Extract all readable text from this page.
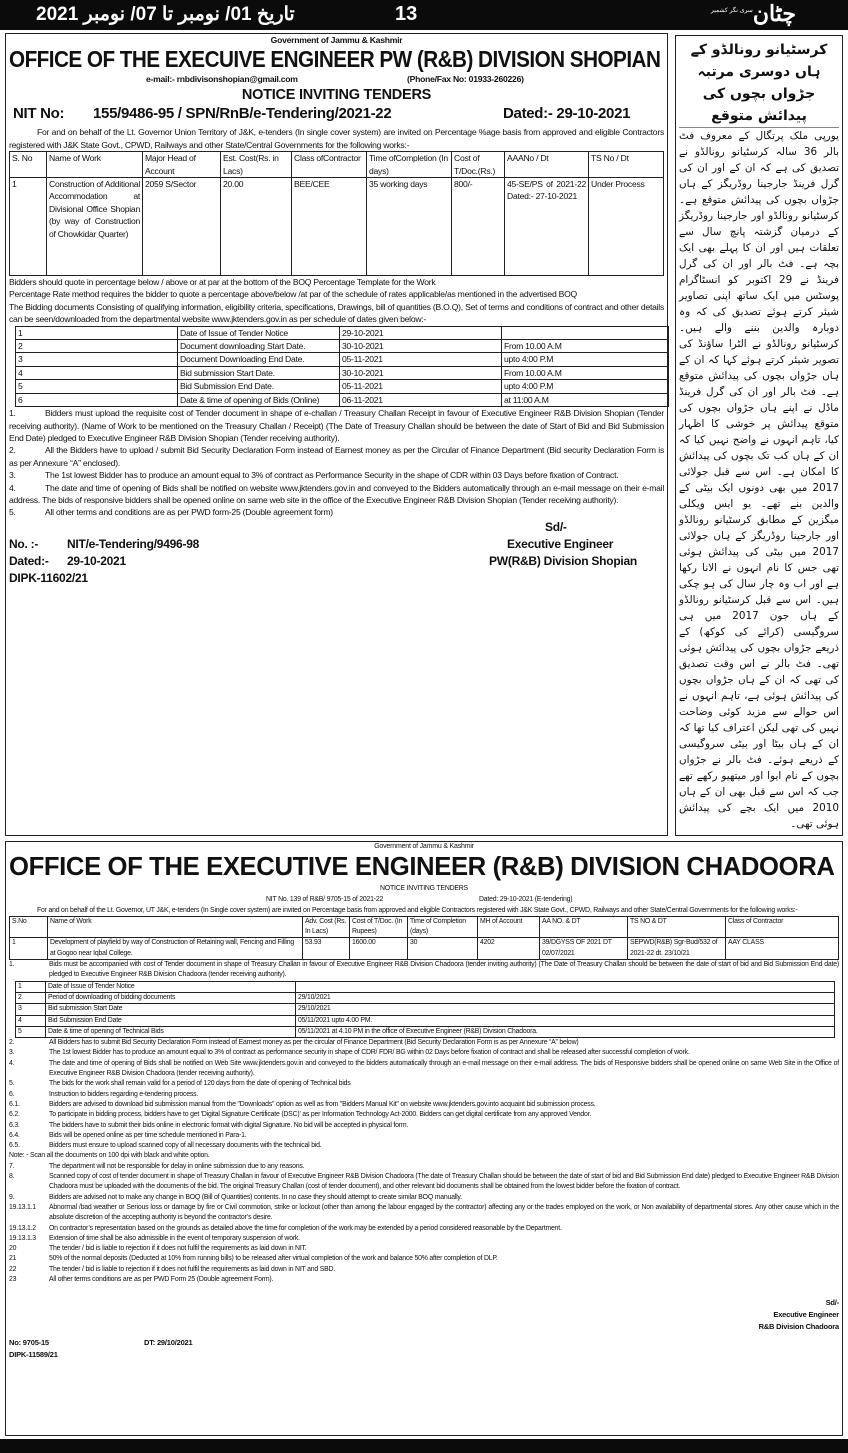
تاریخ 01/ نومبر تا 07/ نومبر 2021	13	سری نگر کشمیر چٹان
Government of Jammu & Kashmir
OFFICE OF THE EXECUIVE ENGINEER PW (R&B) DIVISION SHOPIAN
e-mail:- rnbdivisonshopian@gmail.com	(Phone/Fax No: 01933-260226)
NOTICE INVITING TENDERS
NIT No: 155/9486-95 / SPN/RnB/e-Tendering/2021-22	Dated:- 29-10-2021
For and on behalf of the Lt. Governor Union Territory of J&K, e-tenders (In single cover system) are invited on Percentage %age basis from approved and eligible Contractors registered with J&K State Govt., CPWD, Railways and other State/Central Governments for the following works:-
S. No	Name of Work	Major Head of Account	Est. Cost(Rs. in Lacs)	Class ofContractor	Time ofCompletion (In days)	Cost of T/Doc.(Rs.)	AAANo / Dt	TS No / Dt
1	Construction of Additional Accommodation at Divisional Office Shopian (by way of Construction of Chowkidar Quarter)	2059 S/Sector	20.00	BEE/CEE	35 working days	800/-	45-SE/PS of 2021-22 Dated:- 27-10-2021	Under Process
Bidders should quote in percentage below / above or at par at the bottom of the BOQ Percentage Template for the Work
Percentage Rate method requires the bidder to quote a percentage above/below /at par of the schedule of rates applicable/as mentioned in the advertised BOQ
The Bidding documents Consisting of qualifying information, eligibility criteria, specifications, Drawings, bill of quantities (B.O.Q), Set of terms and conditions of contract and other details can be seen/downloaded from the departmental website www.jktenders.gov.in as per schedule of dates given below:-
1	Date of Issue of Tender Notice	29-10-2021	
2	Document downloading Start Date.	30-10-2021	From 10.00 A.M
3	Document Downloading End Date.	05-11-2021	upto 4:00 P.M
4	Bid submission Start Date.	30-10-2021	From 10.00 A.M
5	Bid Submission End Date.	05-11-2021	upto 4:00 P.M
6	Date & time of opening of Bids (Online)	06-11-2021	at 11:00 A.M
1.	Bidders must upload the requisite cost of Tender document in shape of e-challan / Treasury Challan Receipt in favour of Executive Engineer R&B Division Shopian (Tender receiving authority). (Name of Work to be mentioned on the Treasury Challan / Receipt) (The Date of Treasury Challan should be between the date of Start of Bid and Bid Submission End Date) pledged to Executive Engineer R&B Division Shopian (Tender receiving authority).
2.	All the Bidders have to upload / submit Bid Security Declaration Form instead of Earnest money as per the Circular of Finance Department (Bid security Declaration Form is as per Annexure “A” enclosed).
3.	The 1st lowest Bidder has to produce an amount equal to 3% of contract as Performance Security in the shape of CDR within 03 Days before fixation of Contract.
4.	The date and time of opening of Bids shall be notified on website www.jktenders.gov.in and conveyed to the Bidders automatically through an e-mail message on their e-mail address. The bids of responsive bidders shall be opened online on same web site in the office of the Executive Engineer R&B Division Shopian (Tender receiving authority).
5.	All other terms and conditions are as per PWD form-25 (Double agreement form)
Sd/-
Executive Engineer
PW(R&B) Division Shopian
No. :- NIT/e-Tendering/9496-98
Dated:- 29-10-2021
DIPK-11602/21
کرسٹیانو رونالڈو کے ہاں دوسری مرتبہ جڑواں بچوں کی پیدائش متوقع
یورپی ملک پرتگال کے معروف فٹ بالر 36 سالہ کرسٹیانو رونالڈو نے تصدیق کی ہے کہ ان کے اور ان کی گرل فرینڈ جارجینا روڈریگز کے ہاں جڑواں بچوں کی پیدائش متوقع ہے۔ کرسٹیانو رونالڈو اور جارجینا روڈریگز کے درمیان گزشتہ پانچ سال سے تعلقات ہیں اور ان کا پہلے بھی ایک بچہ ہے۔ فٹ بالر اور ان کی گرل فرینڈ نے 29 اکتوبر کو انسٹاگرام پوسٹس میں ایک ساتھ اپنی تصاویر شیئر کرتے ہوئے تصدیق کی کہ وہ دوبارہ والدین بننے والے ہیں۔ کرسٹیانو رونالڈو نے الٹرا ساؤنڈ کی تصویر شیئر کرتے ہوئے کہا کہ ان کے ہاں جڑواں بچوں کی پیدائش متوقع ہے۔ فٹ بالر اور ان کی گرل فرینڈ ماڈل نے اپنے ہاں جڑواں بچوں کی متوقع پیدائش پر خوشی کا اظہار کیا، تاہم انہوں نے واضح نہیں کیا کہ ان کے ہاں کب تک بچوں کی پیدائش کا امکان ہے۔ اس سے قبل جولائی 2017 میں بھی دونوں ایک بیٹی کے والدین بنے تھے۔ یو ایس ویکلی میگزین کے مطابق کرسٹیانو رونالڈو اور جارجینا روڈریگز کے ہاں جولائی 2017 میں بیٹی کی پیدائش ہوئی تھی جس کا نام انہوں نے الانا رکھا ہے اور اب وہ چار سال کی ہو چکی ہیں۔ اس سے قبل کرسٹیانو رونالڈو کے ہاں جون 2017 میں ہی سروگیسی (کرائے کی کوکھ) کے ذریعے جڑواں بچوں کی پیدائش ہوئی تھی۔ فٹ بالر نے اس وقت تصدیق کی تھی کہ ان کے ہاں جڑواں بچوں کی پیدائش ہوئی ہے، تاہم انہوں نے اس حوالے سے مزید کوئی وضاحت نہیں کی تھی لیکن اعتراف کیا تھا کہ ان کے ہاں بیٹا اور بیٹی سروگیسی کے ذریعے ہوئے۔ فٹ بالر نے جڑواں بچوں کے نام ایوا اور میتھیو رکھے تھے جب کہ اس سے قبل بھی ان کے ہاں 2010 میں ایک بچے کی پیدائش ہوئی تھی۔
Government of Jammu & Kashmir
OFFICE OF THE EXECUTIVE ENGINEER (R&B) DIVISION CHADOORA
NOTICE INVITING TENDERS
NIT No. 139 of R&B/ 9705-15 of 2021-22	Dated: 29-10-2021 (E-tendering)
For and on behalf of the Lt. Governor, UT J&K, e-tenders (In Single cover system) are invited on Percentage basis from approved and eligible Contractors registered with J&K State Govt., CPWD, Railways and other State/Central Governments for the following works:-
S.No	Name of Work	Adv. Cost (Rs. In Lacs)	Cost of T/Doc. (In Rupees)	Time of Completion (days)	MH of Account	AA NO. & DT	TS NO & DT	Class of Contractor
1	Development of playfield by way of Construction of Retaining wall, Fencing and Filling at Gogoo near Iqbal College.	53.93	1600.00	30	4202	39/DGYSS OF 2021 DT 02/07/2021	SEPWD(R&B) Sgr-Bud/532 of 2021-22 dt. 23/10/21	AAY CLASS
1.	Bids must be accompanied with cost of Tender document in shape of Treasury Challan in favour of Executive Engineer R&B Division Chadoora (tender inviting authority) (The Date of Treasury Challan should be between the date of start of bid and Bid Submission End date) pledged to Executive Engineer R&B Division Chadoora (tender receiving authority).
1	Date of Issue of Tender Notice	
2	Period of downloading of bidding documents	29/10/2021
3	Bid submission Start Date	29/10/2021
4	Bid Submission End Date	05/11/2021 upto 4.00 PM.
5	Date & time of opening of Technical Bids	05/11/2021 at 4.10 PM in the office of Executive Engineer (R&B) Division Chadoora.
2.	All Bidders has to submit Bid Security Declaration Form instead of Earnest money as per the circular of Finance Department (Bid Security Declaration Form is as per Annexure “A” below)
3.	The 1st lowest Bidder has to produce an amount equal to 3% of contract as performance security in shape of CDR/ FDR/ BG within 02 Days before fixation of contract and shall be released after successful completion of work.
4.	The date and time of opening of Bids shall be notified on Web Site www.jktenders.gov.in and conveyed to the bidders automatically through an e-mail message on their e-mail address. The bids of Responsive bidders shall be opened online on same Web Site in the Office of Executive Engineer R&B Division Chadoora (tender receiving authority).
5.	The bids for the work shall remain valid for a period of 120 days from the date of opening of Technical bids
6.	Instruction to bidders regarding e-tendering process.
6.1.	Bidders are advised to download bid submission manual from the "Downloads" option as well as from "Bidders Manual Kit" on website www.jktenders.gov.into acquaint bid submission process.
6.2.	To participate in bidding process, bidders have to get 'Digital Signature Certificate (DSC)' as per Information Technology Act-2000. Bidders can get digital certificate from any approved Vendor.
6.3.	The bidders have to submit their bids online in electronic format with digital Signature. No bid will be accepted in physical form.
6.4.	Bids will be opened online as per time schedule mentioned in Para-1.
6.5.	Bidders must ensure to upload scanned copy of all necessary documents with the technical bid.
Note: - Scan all the documents on 100 dpi with black and white option.
7.	The department will not be responsible for delay in online submission due to any reasons.
8.	Scanned copy of cost of tender document in shape of Treasury Challan in favour of Executive Engineer R&B Division Chadoora (The date of Treasury Challan should be between the date of start of bid and Bid Submission End date) pledged to Executive Engineer R&B Division Chadoora must be uploaded with the documents of the bid. The original Treasury Challan (cost of tender document), and other relevant bid documents shall be obtained from the lowest bidder before the fixation of contract.
9.	Bidders are advised not to make any change in BOQ (Bill of Quantities) contents. In no case they should attempt to create similar BOQ manually.
19.13.1.1	Abnormal /bad weather or Serious loss or damage by fire or Civil commotion, strike or lockout (other than among the labour engaged by the contractor) affecting any or the trades employed on the work, or Non availability of departmental stores. Any other cause which in the absolute discretion of the accepting authority is beyond the contractor’s desire.
19.13.1.2	On contractor’s representation based on the grounds as detailed above the time for completion of the work may be extended by a period considered reasonable by the Department.
19.13.1.3	Extension of time shall be also admissible in the event of temporary suspension of work.
20	The tender / bid is liable to rejection if it does not fulfil the requirements as laid down in NIT.
21	50% of the normal deposits (Deducted at 10% from running bills) to be released after virtual completion of the work and balance 50% after completion of DLP.
22	The tender / bid is liable to rejection if it does not fulfil the requirements as laid down in NIT and SBD.
23	All other terms conditions are as per PWD Form 25 (Double agreement Form).
Sd/-
Executive Engineer
R&B Division Chadoora
No: 9705-15	DT: 29/10/2021
DIPK-11589/21
